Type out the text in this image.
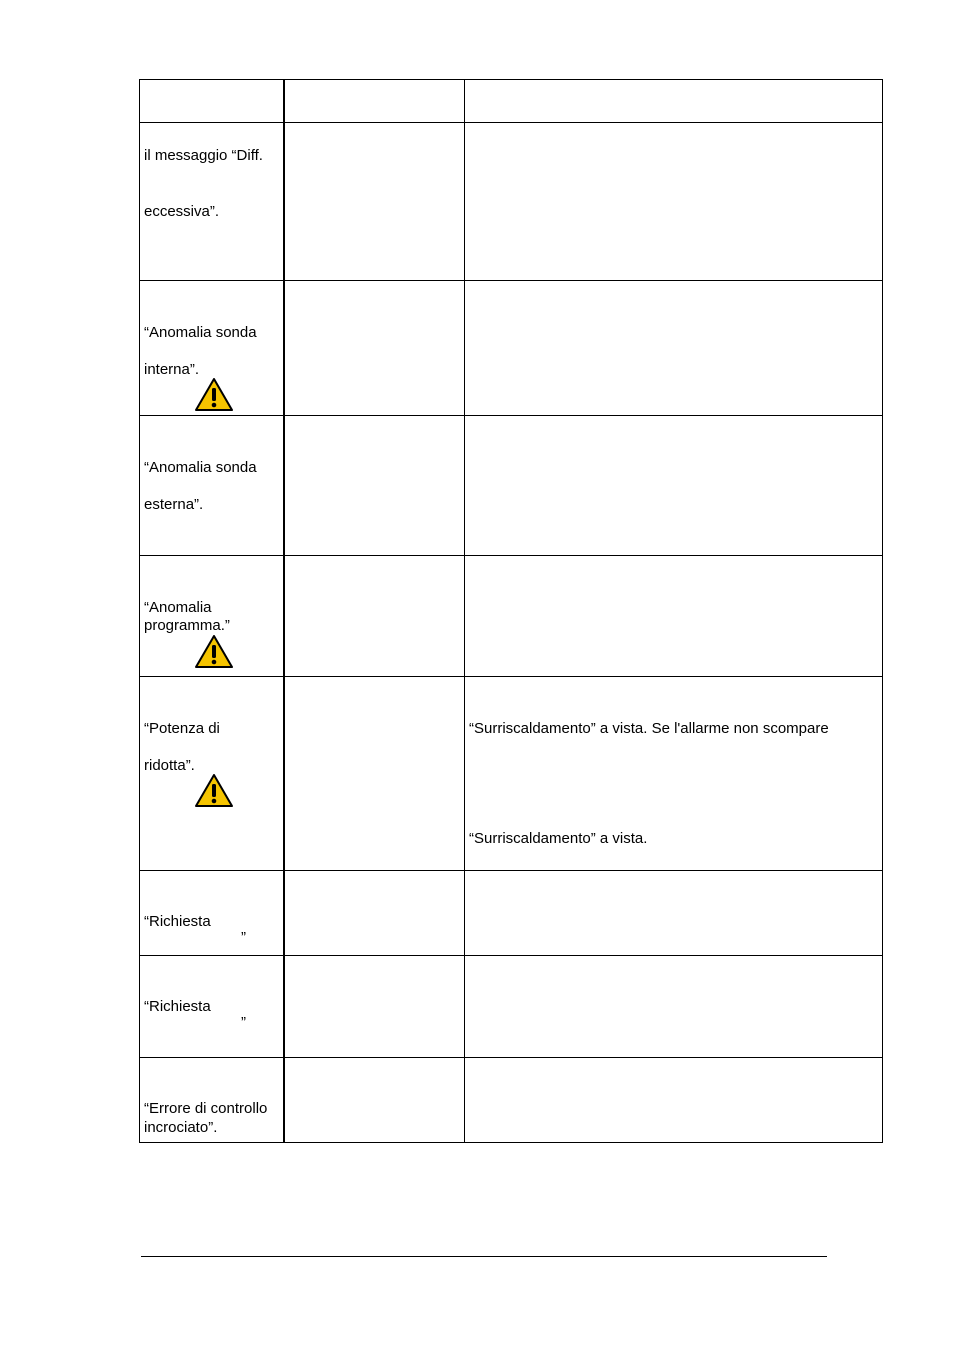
il messaggio “Diff.
eccessiva”.
“Anomalia sonda
interna”.
“Anomalia sonda
esterna”.
“Anomalia
programma.”
“Potenza di
ridotta”.
“Surriscaldamento” a vista. Se l'allarme non scompare
“Surriscaldamento” a vista.
“Richiesta
”
“Richiesta
”
“Errore di controllo
incrociato”.
